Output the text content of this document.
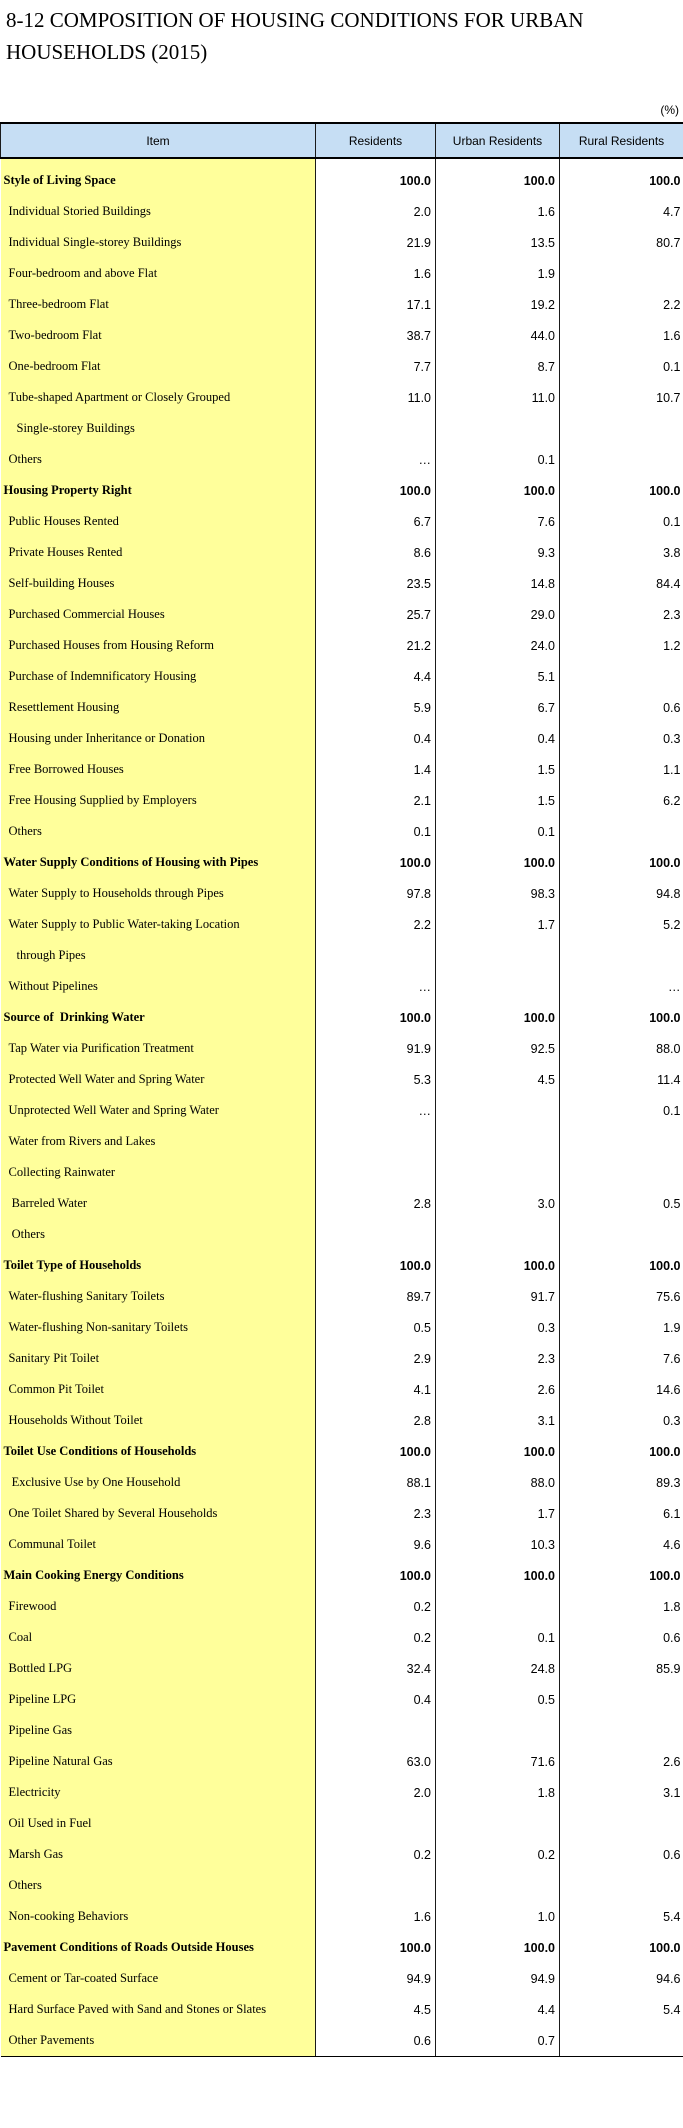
8-12 COMPOSITION OF HOUSING CONDITIONS FOR URBAN
HOUSEHOLDS (2015)
(%)
Item	Residents	Urban Residents	Rural Residents
Style of Living Space	100.0	100.0	100.0
Individual Storied Buildings	2.0	1.6	4.7
Individual Single-storey Buildings	21.9	13.5	80.7
Four-bedroom and above Flat	1.6	1.9	
Three-bedroom Flat	17.1	19.2	2.2
Two-bedroom Flat	38.7	44.0	1.6
One-bedroom Flat	7.7	8.7	0.1
Tube-shaped Apartment or Closely Grouped	11.0	11.0	10.7
Single-storey Buildings			
Others	…	0.1	
Housing Property Right	100.0	100.0	100.0
Public Houses Rented	6.7	7.6	0.1
Private Houses Rented	8.6	9.3	3.8
Self-building Houses	23.5	14.8	84.4
Purchased Commercial Houses	25.7	29.0	2.3
Purchased Houses from Housing Reform	21.2	24.0	1.2
Purchase of Indemnificatory Housing	4.4	5.1	
Resettlement Housing	5.9	6.7	0.6
Housing under Inheritance or Donation	0.4	0.4	0.3
Free Borrowed Houses	1.4	1.5	1.1
Free Housing Supplied by Employers	2.1	1.5	6.2
Others	0.1	0.1	
Water Supply Conditions of Housing with Pipes	100.0	100.0	100.0
Water Supply to Households through Pipes	97.8	98.3	94.8
Water Supply to Public Water-taking Location	2.2	1.7	5.2
through Pipes			
Without Pipelines	…		…
Source of  Drinking Water	100.0	100.0	100.0
Tap Water via Purification Treatment	91.9	92.5	88.0
Protected Well Water and Spring Water	5.3	4.5	11.4
Unprotected Well Water and Spring Water	…		0.1
Water from Rivers and Lakes			
Collecting Rainwater			
Barreled Water	2.8	3.0	0.5
Others			
Toilet Type of Households	100.0	100.0	100.0
Water-flushing Sanitary Toilets	89.7	91.7	75.6
Water-flushing Non-sanitary Toilets	0.5	0.3	1.9
Sanitary Pit Toilet	2.9	2.3	7.6
Common Pit Toilet	4.1	2.6	14.6
Households Without Toilet	2.8	3.1	0.3
Toilet Use Conditions of Households	100.0	100.0	100.0
Exclusive Use by One Household	88.1	88.0	89.3
One Toilet Shared by Several Households	2.3	1.7	6.1
Communal Toilet	9.6	10.3	4.6
Main Cooking Energy Conditions	100.0	100.0	100.0
Firewood	0.2		1.8
Coal	0.2	0.1	0.6
Bottled LPG	32.4	24.8	85.9
Pipeline LPG	0.4	0.5	
Pipeline Gas			
Pipeline Natural Gas	63.0	71.6	2.6
Electricity	2.0	1.8	3.1
Oil Used in Fuel			
Marsh Gas	0.2	0.2	0.6
Others			
Non-cooking Behaviors	1.6	1.0	5.4
Pavement Conditions of Roads Outside Houses	100.0	100.0	100.0
Cement or Tar-coated Surface	94.9	94.9	94.6
Hard Surface Paved with Sand and Stones or Slates	4.5	4.4	5.4
Other Pavements	0.6	0.7	
